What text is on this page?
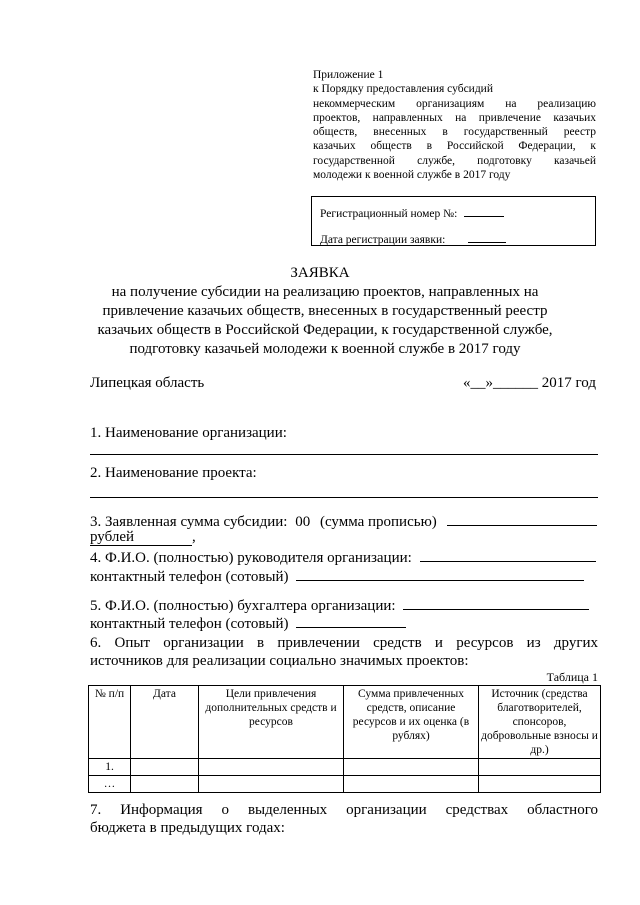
Приложение 1
к Порядку предоставления субсидий
некоммерческим организациям на реализацию
проектов, направленных на привлечение казачьих
обществ, внесенных в государственный реестр
казачьих обществ в Российской Федерации, к
государственной службе, подготовку казачьей
молодежи к военной службе в 2017 году
Регистрационный номер №:
Дата регистрации заявки:
ЗАЯВКА
на получение субсидии на реализацию проектов, направленных на
привлечение казачьих обществ, внесенных в государственный реестр
казачьих обществ в Российской Федерации, к государственной службе,
подготовку казачьей молодежи к военной службе в 2017 году
Липецкая область	«__»______ 2017 год
1. Наименование организации:
2. Наименование проекта:
3. Заявленная сумма субсидии: 00 (сумма прописью)
рублей	,
4. Ф.И.О. (полностью) руководителя организации:
контактный телефон (сотовый)
5. Ф.И.О. (полностью) бухгалтера организации:
контактный телефон (сотовый)
6. Опыт организации в привлечении средств и ресурсов из других
источников для реализации социально значимых проектов:
Таблица 1
№ п/п	Дата	Цели привлечения дополнительных средств и ресурсов	Сумма привлеченных средств, описание ресурсов и их оценка (в рублях)	Источник (средства благотворителей, спонсоров, добровольные взносы и др.)
1.				
…				
7. Информация о выделенных организации средствах областного
бюджета в предыдущих годах:
